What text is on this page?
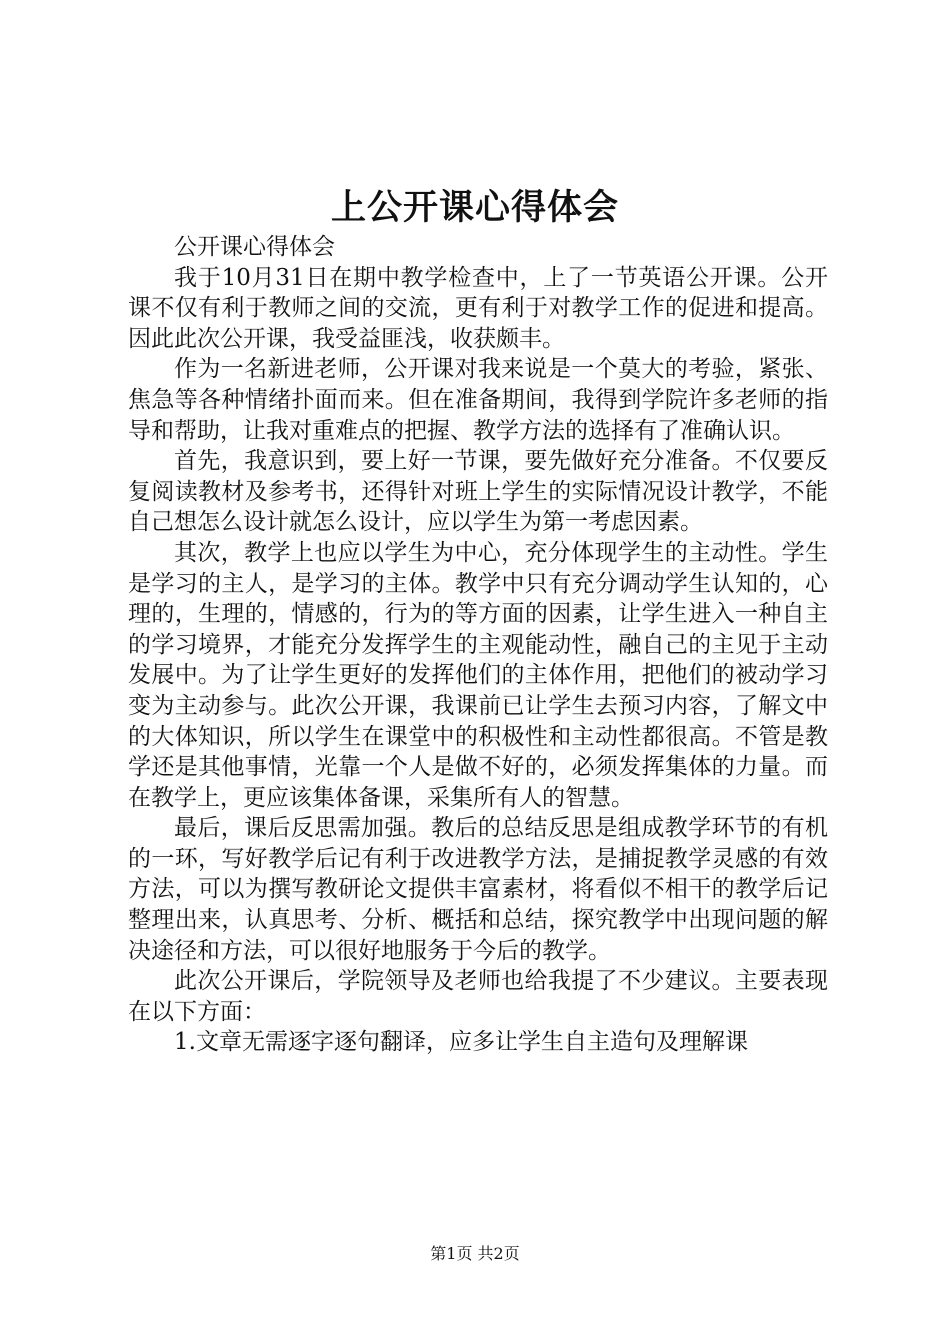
上公开课心得体会

公开课心得体会

我于10月31日在期中教学检查中，上了一节英语公开课。公开课不仅有利于教师之间的交流，更有利于对教学工作的促进和提高。因此此次公开课，我受益匪浅，收获颇丰。

作为一名新进老师，公开课对我来说是一个莫大的考验，紧张、焦急等各种情绪扑面而来。但在准备期间，我得到学院许多老师的指导和帮助，让我对重难点的把握、教学方法的选择有了准确认识。

首先，我意识到，要上好一节课，要先做好充分准备。不仅要反复阅读教材及参考书，还得针对班上学生的实际情况设计教学，不能自己想怎么设计就怎么设计，应以学生为第一考虑因素。

其次，教学上也应以学生为中心，充分体现学生的主动性。学生是学习的主人，是学习的主体。教学中只有充分调动学生认知的，心理的，生理的，情感的，行为的等方面的因素，让学生进入一种自主的学习境界，才能充分发挥学生的主观能动性，融自己的主见于主动发展中。为了让学生更好的发挥他们的主体作用，把他们的被动学习变为主动参与。此次公开课，我课前已让学生去预习内容，了解文中的大体知识，所以学生在课堂中的积极性和主动性都很高。不管是教学还是其他事情，光靠一个人是做不好的，必须发挥集体的力量。而在教学上，更应该集体备课，采集所有人的智慧。

最后，课后反思需加强。教后的总结反思是组成教学环节的有机的一环，写好教学后记有利于改进教学方法，是捕捉教学灵感的有效方法，可以为撰写教研论文提供丰富素材，将看似不相干的教学后记整理出来，认真思考、分析、概括和总结，探究教学中出现问题的解决途径和方法，可以很好地服务于今后的教学。

此次公开课后，学院领导及老师也给我提了不少建议。主要表现在以下方面：

1.文章无需逐字逐句翻译，应多让学生自主造句及理解课

第1页 共2页
